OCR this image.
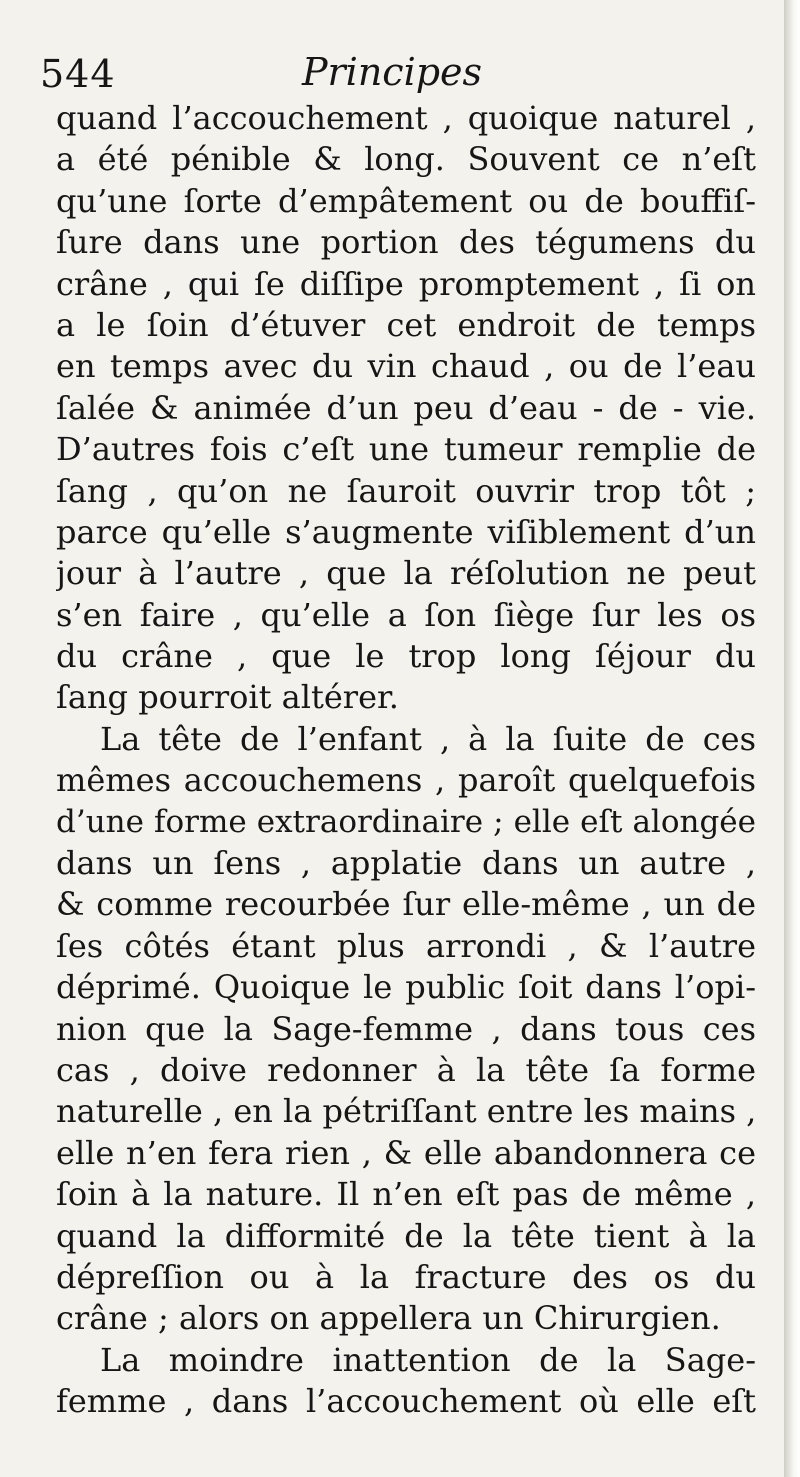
544	Principes
quand l’accouchement , quoique naturel ,
a été pénible & long. Souvent ce n’eſt
qu’une ſorte d’empâtement ou de bouffiſ-
ſure dans une portion des tégumens du
crâne , qui ſe diſſipe promptement , ſi on
a le ſoin d’étuver cet endroit de temps
en temps avec du vin chaud , ou de l’eau
ſalée & animée d’un peu d’eau - de - vie.
D’autres fois c’eſt une tumeur remplie de
ſang , qu’on ne ſauroit ouvrir trop tôt ;
parce qu’elle s’augmente viſiblement d’un
jour à l’autre , que la réſolution ne peut
s’en faire , qu’elle a ſon ſiège ſur les os
du crâne , que le trop long ſéjour du
ſang pourroit altérer.
La tête de l’enfant , à la ſuite de ces
mêmes accouchemens , paroît quelquefois
d’une forme extraordinaire ; elle eſt alongée
dans un ſens , applatie dans un autre ,
& comme recourbée ſur elle-même , un de
ſes côtés étant plus arrondi , & l’autre
déprimé. Quoique le public ſoit dans l’opi-
nion que la Sage-femme , dans tous ces
cas , doive redonner à la tête ſa forme
naturelle , en la pétriſſant entre les mains ,
elle n’en fera rien , & elle abandonnera ce
ſoin à la nature. Il n’en eſt pas de même ,
quand la difformité de la tête tient à la
dépreſſion ou à la fracture des os du
crâne ; alors on appellera un Chirurgien.
La moindre inattention de la Sage-
femme , dans l’accouchement où elle eſt
